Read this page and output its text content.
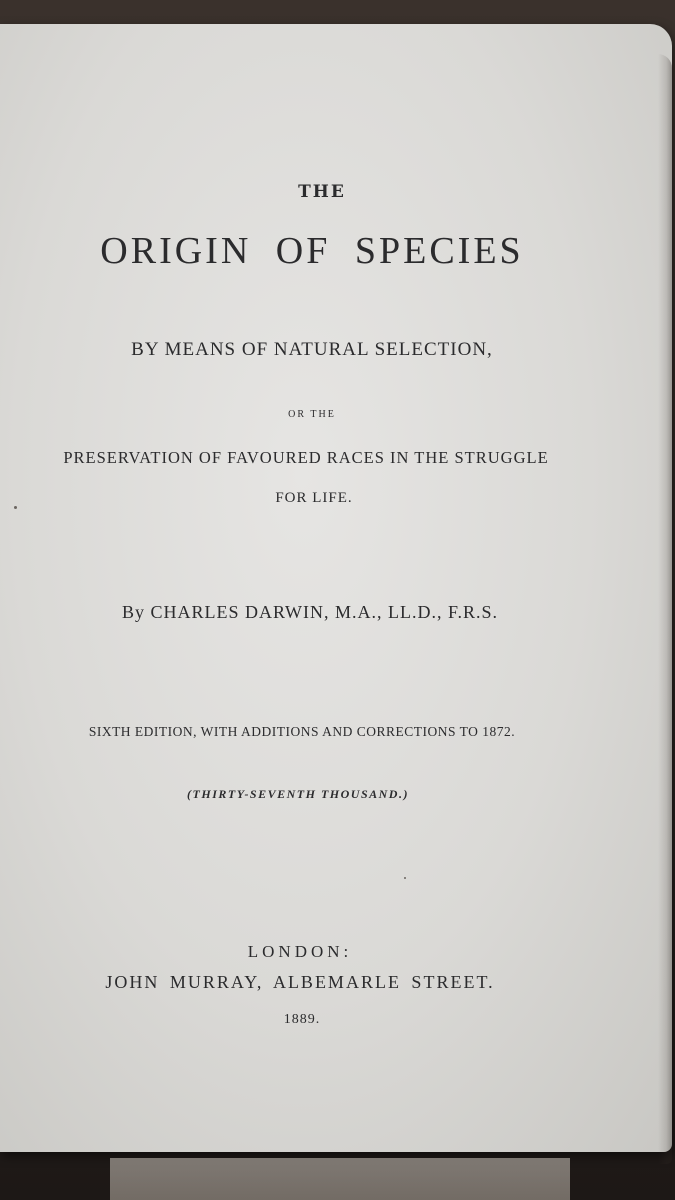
THE
ORIGIN OF SPECIES
BY MEANS OF NATURAL SELECTION,
OR THE
PRESERVATION OF FAVOURED RACES IN THE STRUGGLE
FOR LIFE.
By CHARLES DARWIN, M.A., LL.D., F.R.S.
SIXTH EDITION, WITH ADDITIONS AND CORRECTIONS TO 1872.
(THIRTY-SEVENTH THOUSAND.)
LONDON:
JOHN MURRAY, ALBEMARLE STREET.
1889.
